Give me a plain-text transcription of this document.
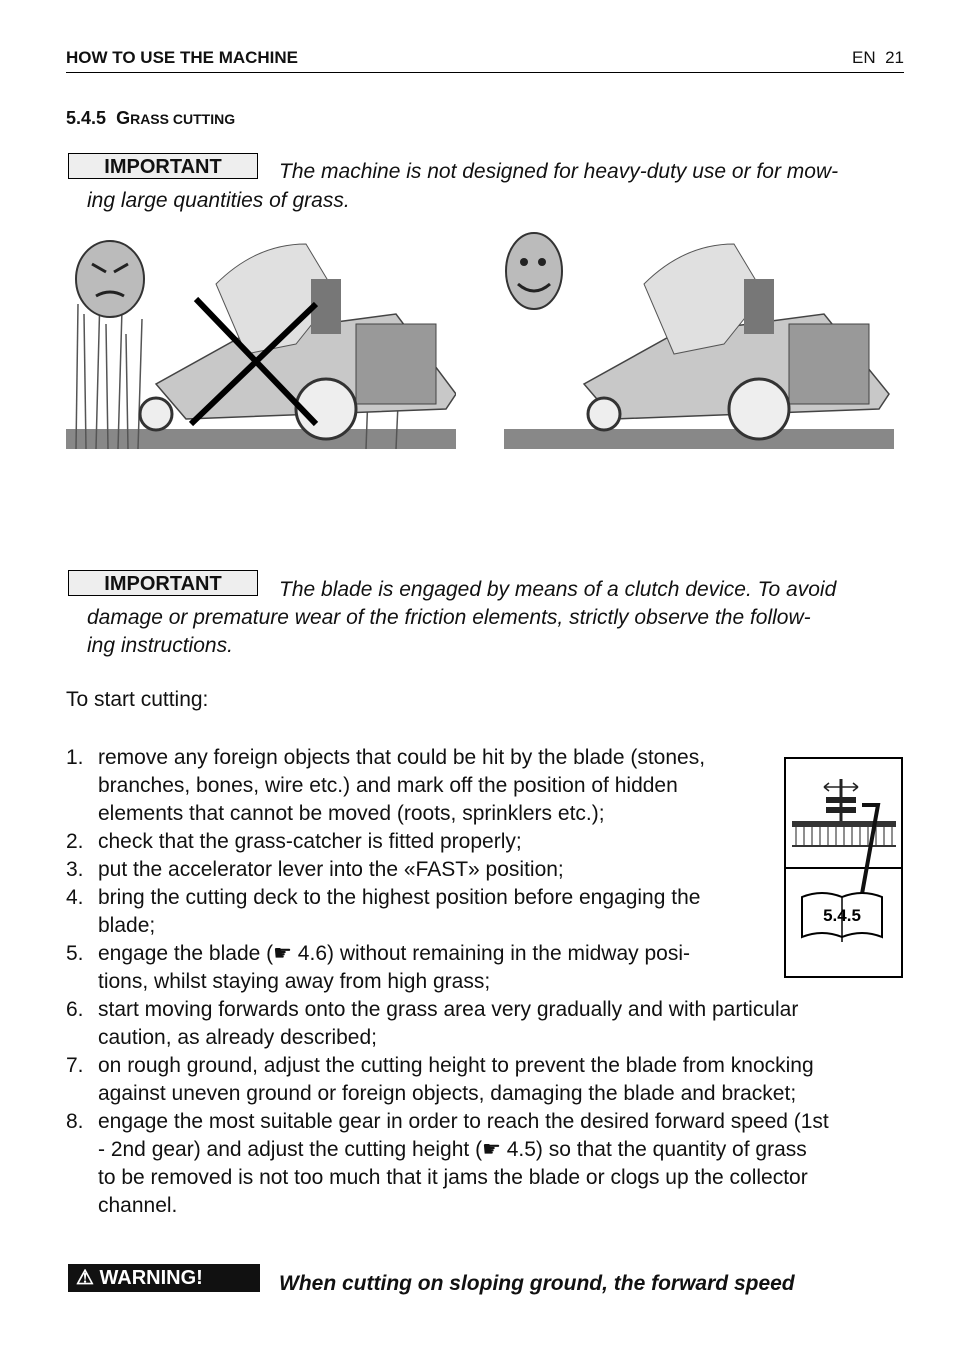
HOW TO USE THE MACHINE	EN  21
5.4.5 GRASS CUTTING
IMPORTANT	The machine is not designed for heavy-duty use or for mow-
ing large quantities of grass.
IMPORTANT	The blade is engaged by means of a clutch device. To avoid
damage or premature wear of the friction elements, strictly observe the follow-
ing instructions.
To start cutting:
1. remove any foreign objects that could be hit by the blade (stones,
branches, bones, wire etc.) and mark off the position of hidden
elements that cannot be moved (roots, sprinklers etc.);
2. check that the grass-catcher is fitted properly;
3. put the accelerator lever into the «FAST» position;
4. bring the cutting deck to the highest position before engaging the
blade;
5. engage the blade (☛ 4.6) without remaining in the midway posi-
tions, whilst staying away from high grass;
6. start moving forwards onto the grass area very gradually and with particular
caution, as already described;
7. on rough ground, adjust the cutting height to prevent the blade from knocking
against uneven ground or foreign objects, damaging the blade and bracket;
8. engage the most suitable gear in order to reach the desired forward speed (1st
- 2nd gear) and adjust the cutting height (☛ 4.5) so that the quantity of grass
to be removed is not too much that it jams the blade or clogs up the collector
channel.
5.4.5
⚠ WARNING!	When cutting on sloping ground, the forward speed
